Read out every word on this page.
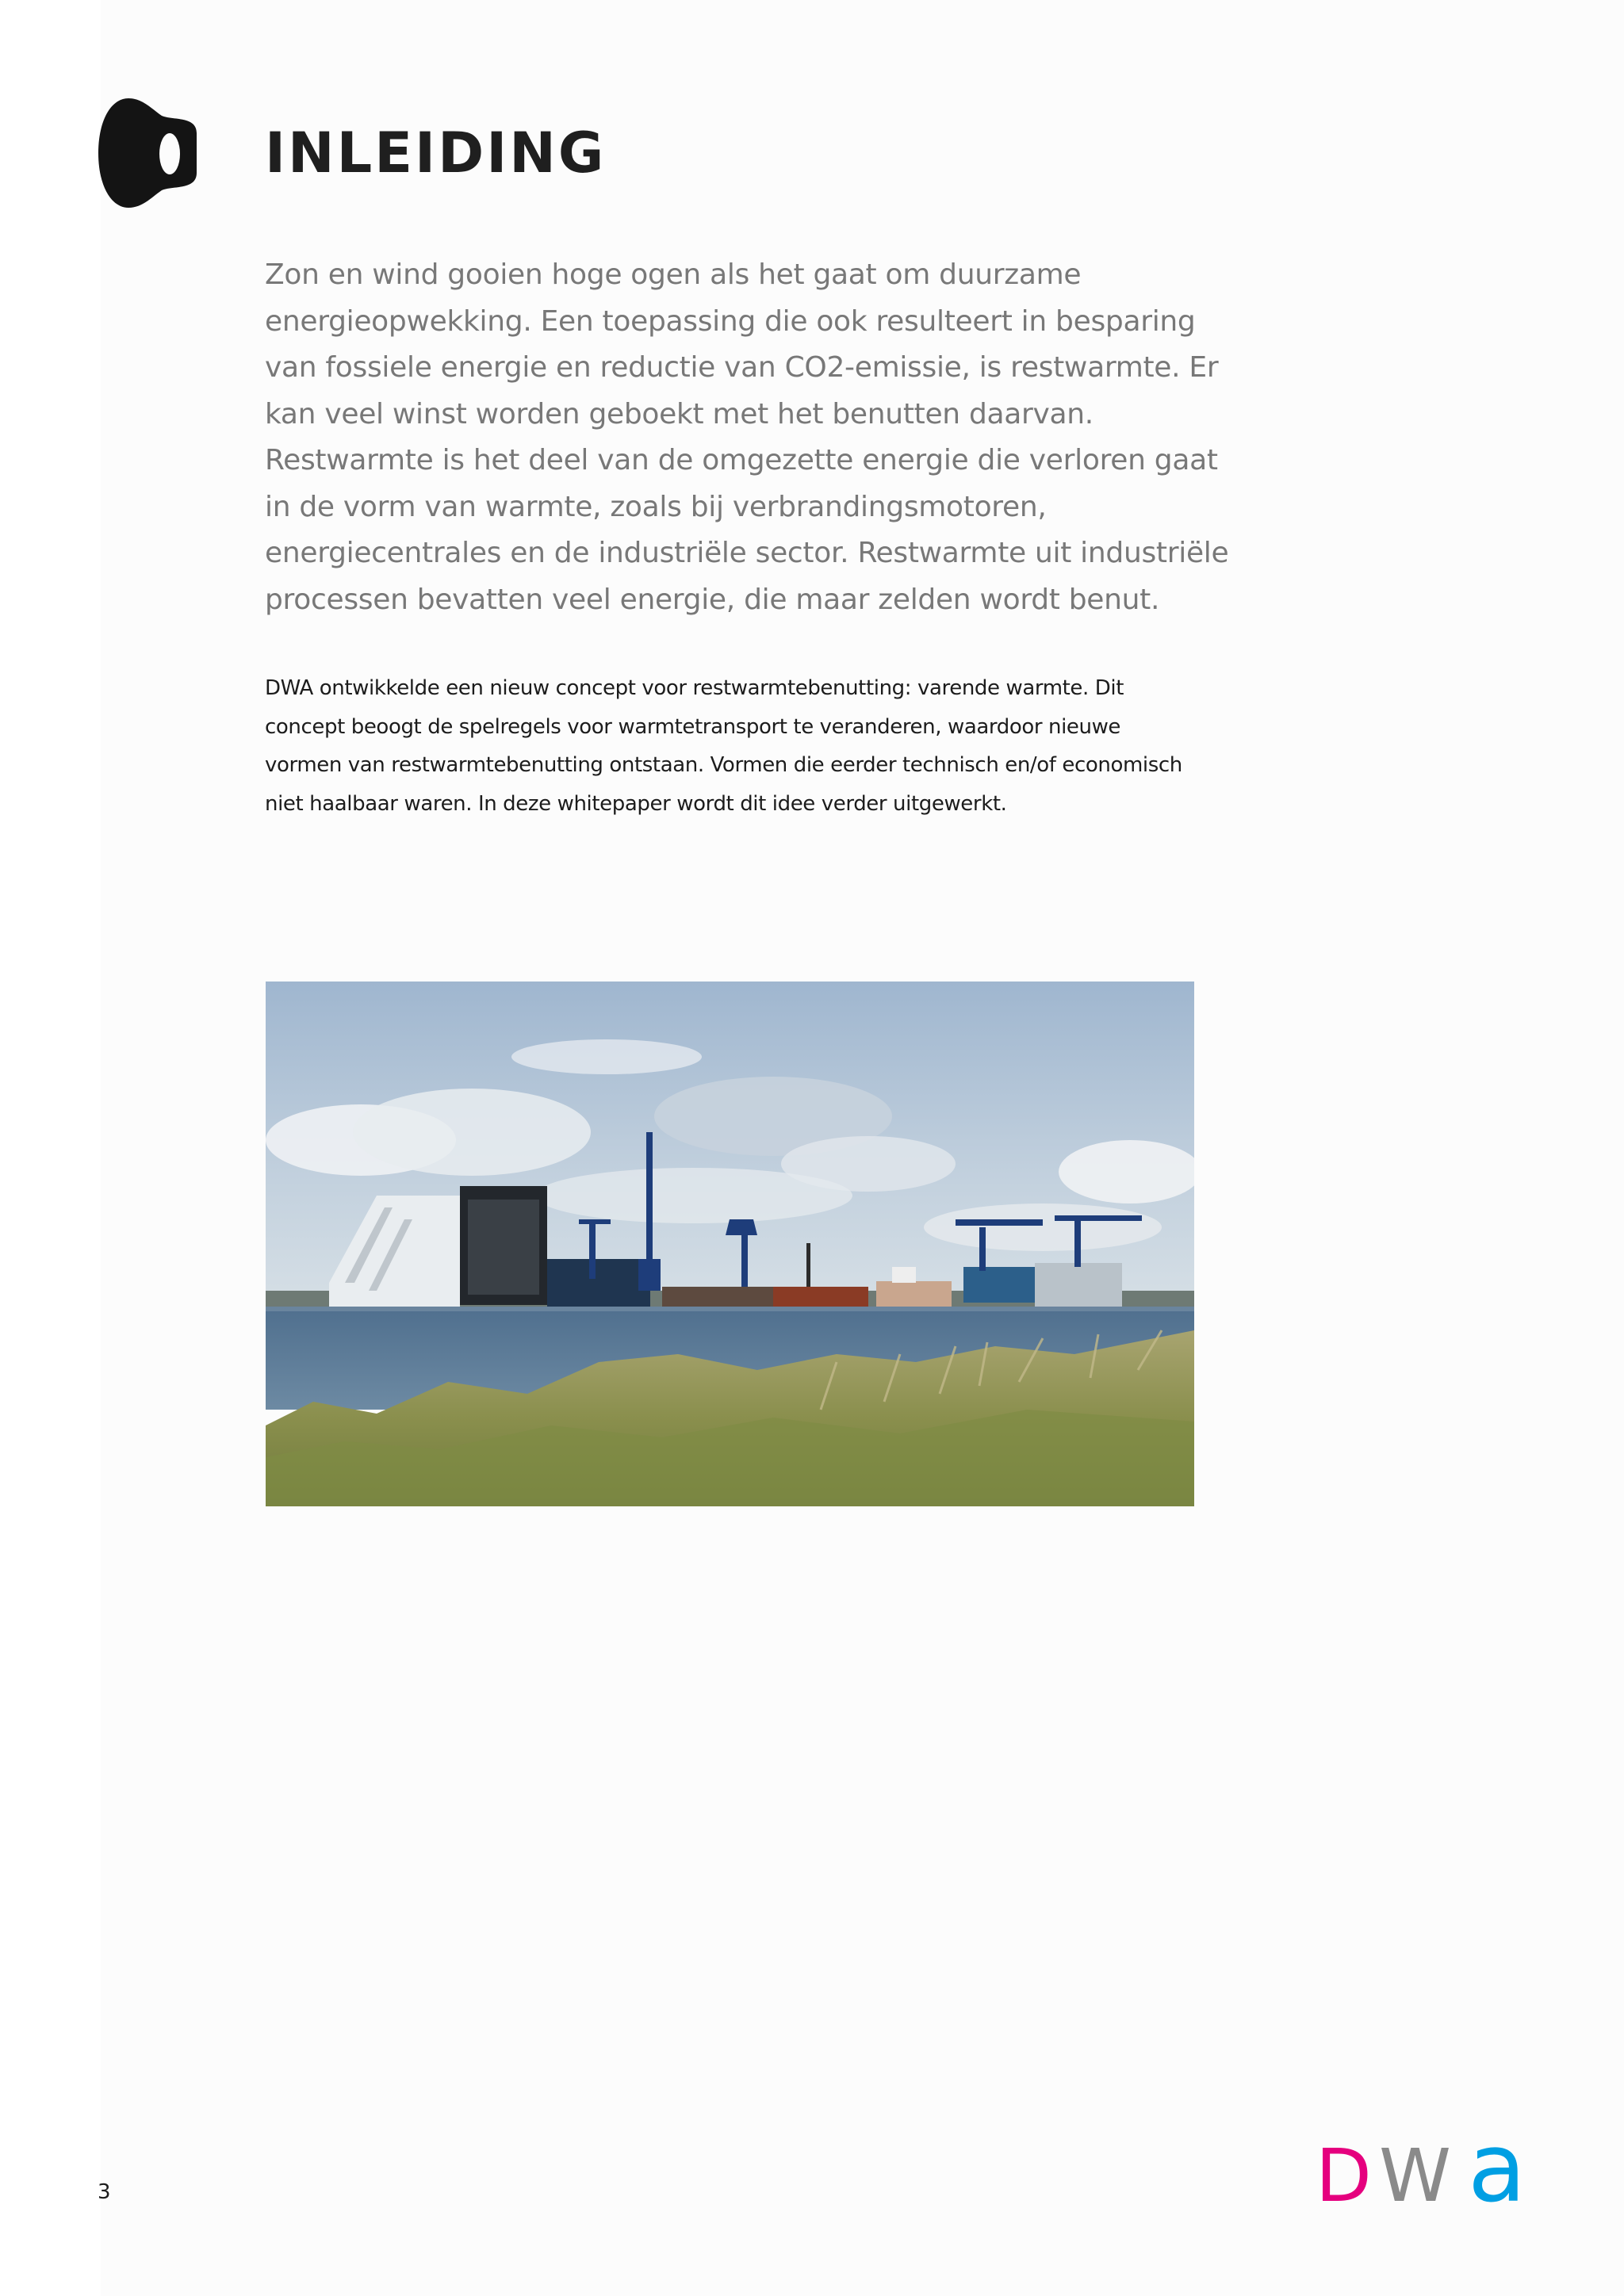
INLEIDING
Zon en wind gooien hoge ogen als het gaat om duurzame
energieopwekking. Een toepassing die ook resulteert in besparing
van fossiele energie en reductie van CO2-emissie, is restwarmte. Er
kan veel winst worden geboekt met het benutten daarvan.
Restwarmte is het deel van de omgezette energie die verloren gaat
in de vorm van warmte, zoals bij verbrandingsmotoren,
energiecentrales en de industriële sector. Restwarmte uit industriële
processen bevatten veel energie, die maar zelden wordt benut.
DWA ontwikkelde een nieuw concept voor restwarmtebenutting: varende warmte. Dit
concept beoogt de spelregels voor warmtetransport te veranderen, waardoor nieuwe
vormen van restwarmtebenutting ontstaan. Vormen die eerder technisch en/of economisch
niet haalbaar waren. In deze whitepaper wordt dit idee verder uitgewerkt.
3	D W a
